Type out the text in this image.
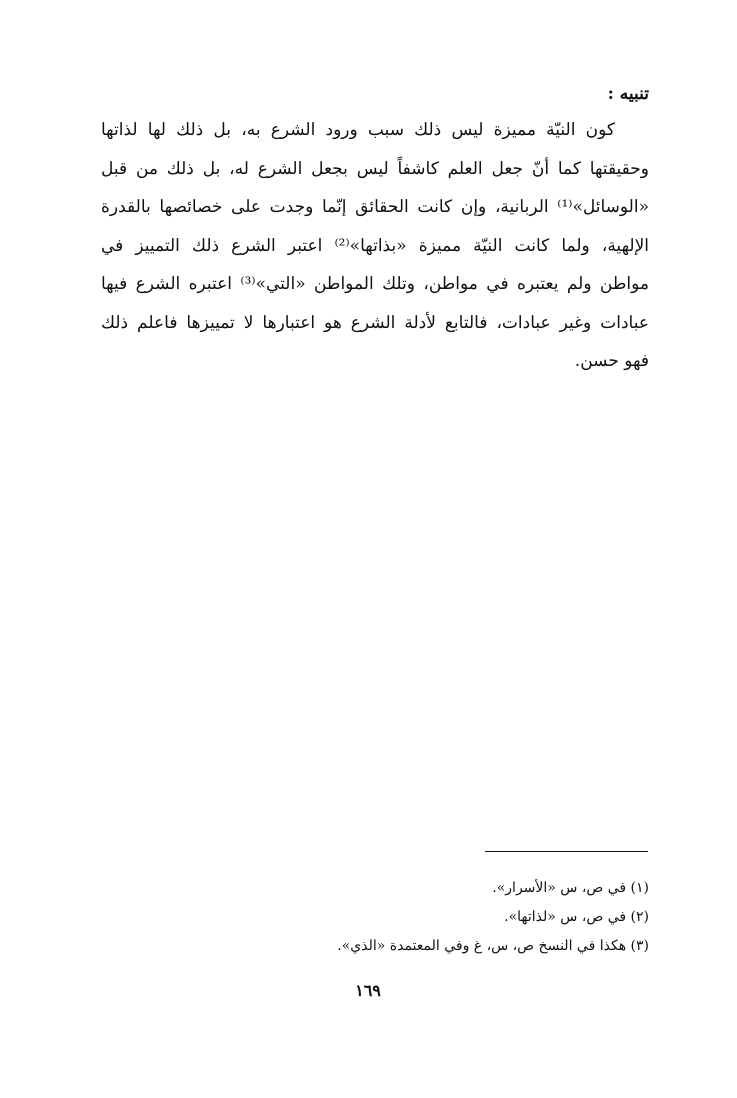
تنبيه :
كون النيّة مميزة ليس ذلك سبب ورود الشرع به، بل ذلك لها لذاتها
وحقيقتها كما أنّ جعل العلم كاشفاً ليس بجعل الشرع له، بل ذلك من قبل
«الوسائل»⁽¹⁾ الربانية، وإن كانت الحقائق إنّما وجدت على خصائصها بالقدرة
الإلهية، ولما كانت النيّة مميزة «بذاتها»⁽²⁾ اعتبر الشرع ذلك التمييز في
مواطن ولم يعتبره في مواطن، وتلك المواطن «التي»⁽³⁾ اعتبره الشرع فيها
عبادات وغير عبادات، فالتابع لأدلة الشرع هو اعتبارها لا تمييزها فاعلم ذلك
فهو حسن.
(١) في ص، س «الأسرار».
(٢) في ص، س «لذاتها».
(٣) هكذا في النسخ ص، س، غ وفي المعتمدة «الذي».
١٦٩
